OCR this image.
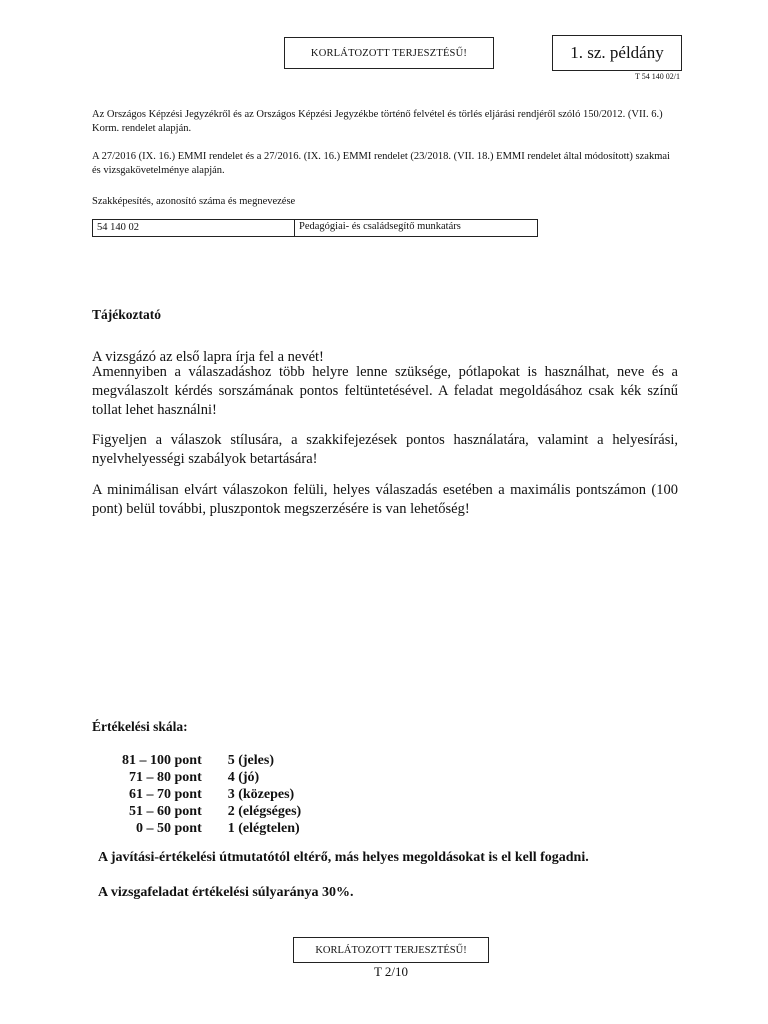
KORLÁTOZOTT TERJESZTÉSŰ!	1. sz. példány
T 54 140 02/1
Az Országos Képzési Jegyzékről és az Országos Képzési Jegyzékbe történő felvétel és törlés eljárási rendjéről szóló 150/2012. (VII. 6.) Korm. rendelet alapján.
A 27/2016 (IX. 16.) EMMI rendelet és a 27/2016. (IX. 16.) EMMI rendelet (23/2018. (VII. 18.) EMMI rendelet által módosított) szakmai és vizsgakövetelménye alapján.
Szakképesítés, azonosító száma és megnevezése
54 140 02	Pedagógiai- és családsegítő munkatárs
Tájékoztató
A vizsgázó az első lapra írja fel a nevét!
Amennyiben a válaszadáshoz több helyre lenne szüksége, pótlapokat is használhat, neve és a megválaszolt kérdés sorszámának pontos feltüntetésével. A feladat megoldásához csak kék színű tollat lehet használni!
Figyeljen a válaszok stílusára, a szakkifejezések pontos használatára, valamint a helyesírási, nyelvhelyességi szabályok betartására!
A minimálisan elvárt válaszokon felüli, helyes válaszadás esetében a maximális pontszámon (100 pont) belül további, pluszpontok megszerzésére is van lehetőség!
Értékelési skála:
81 – 100 pont	5 (jeles)
71 – 80 pont	4 (jó)
61 – 70 pont	3 (közepes)
51 – 60 pont	2 (elégséges)
0 – 50 pont	1 (elégtelen)
A javítási-értékelési útmutatótól eltérő, más helyes megoldásokat is el kell fogadni.
A vizsgafeladat értékelési súlyaránya 30%.
KORLÁTOZOTT TERJESZTÉSŰ!
T 2/10
